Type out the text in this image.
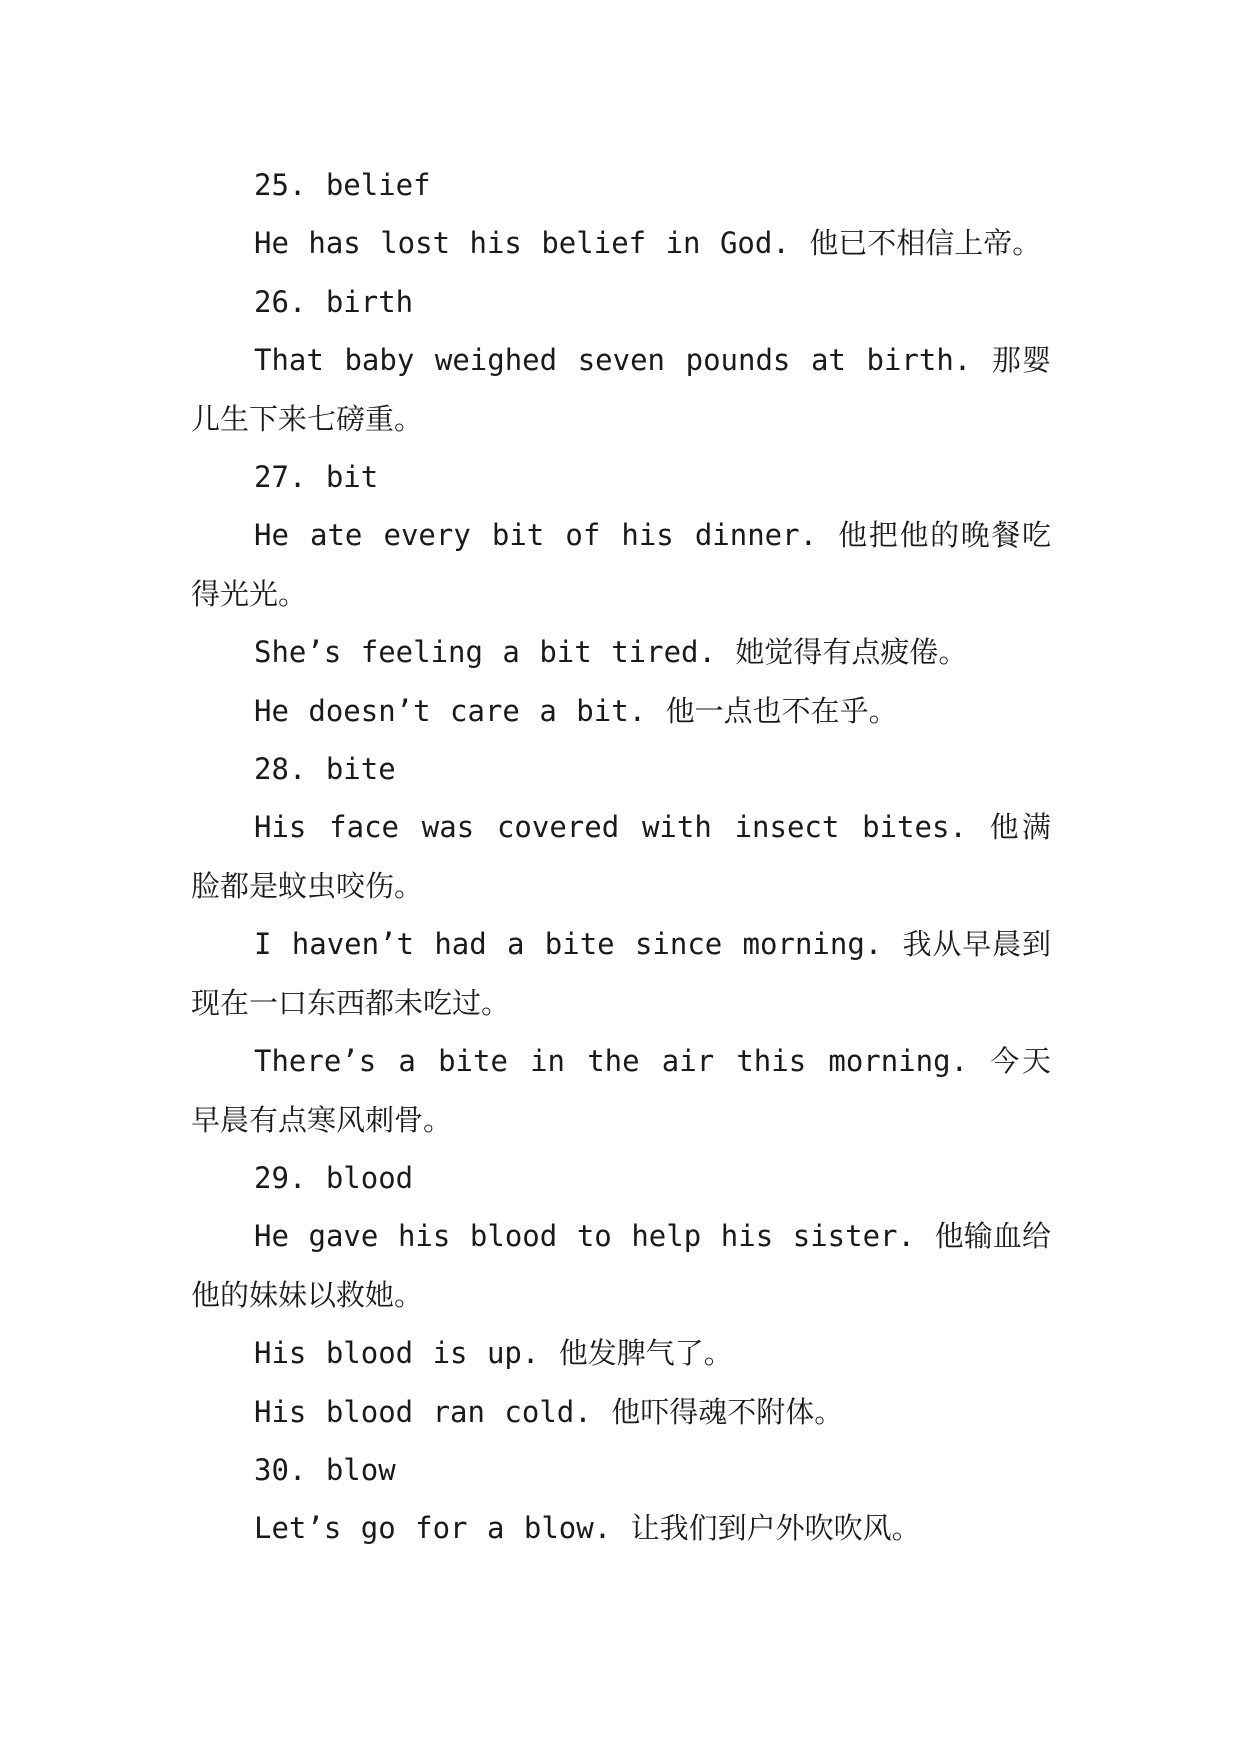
25. belief

He has lost his belief in God. 他已不相信上帝。

26. birth

That baby weighed seven pounds at birth. 那婴儿生下来七磅重。

27. bit

He ate every bit of his dinner. 他把他的晚餐吃得光光。

She’s feeling a bit tired. 她觉得有点疲倦。

He doesn’t care a bit. 他一点也不在乎。

28. bite

His face was covered with insect bites. 他满脸都是蚊虫咬伤。

I haven’t had a bite since morning. 我从早晨到现在一口东西都未吃过。

There’s a bite in the air this morning. 今天早晨有点寒风刺骨。

29. blood

He gave his blood to help his sister. 他输血给他的妹妹以救她。

His blood is up. 他发脾气了。

His blood ran cold. 他吓得魂不附体。

30. blow

Let’s go for a blow. 让我们到户外吹吹风。
